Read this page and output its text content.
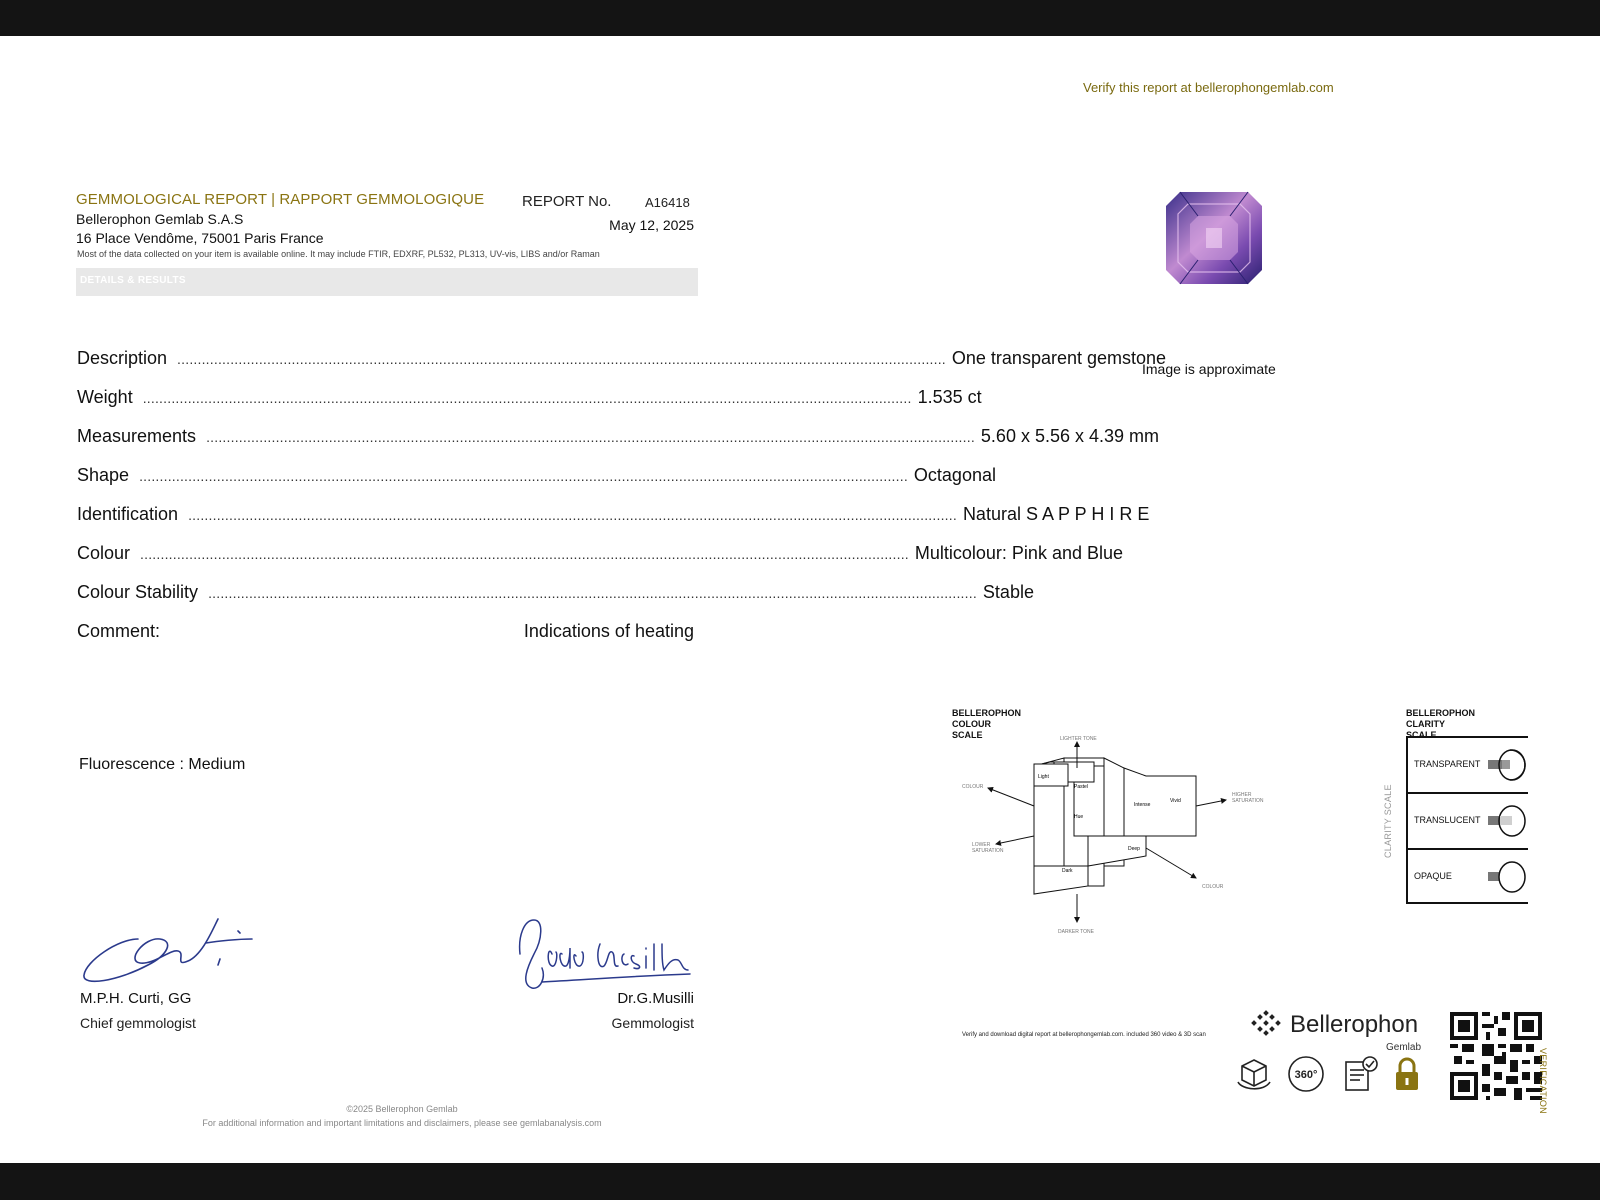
Verify this report at bellerophongemlab.com
GEMMOLOGICAL REPORT | RAPPORT GEMMOLOGIQUE
Bellerophon Gemlab S.A.S
16 Place Vendôme, 75001 Paris France
REPORT No.	A16418
May 12, 2025
Most of the data collected on your item is available online. It may include FTIR, EDXRF, PL532, PL313, UV-vis, LIBS and/or Raman
DETAILS & RESULTS
Description ............................................................................................................................................................................................ One transparent gemstone
Weight ............................................................................................................................................................................................ 1.535 ct
Measurements ............................................................................................................................................................................................ 5.60 x 5.56 x 4.39 mm
Shape ............................................................................................................................................................................................ Octagonal
Identification ............................................................................................................................................................................................ Natural S A P P H I R E
Colour ............................................................................................................................................................................................ Multicolour: Pink and Blue
Colour Stability ............................................................................................................................................................................................ Stable
Comment:	Indications of heating
Fluorescence : Medium
M.P.H. Curti, GG
Chief gemmologist
Dr.G.Musilli
Gemmologist
©2025 Bellerophon Gemlab
For additional information and important limitations and disclaimers, please see gemlabanalysis.com
Image is approximate
BELLEROPHON
COLOUR
SCALE	LIGHTER TONE
DARKER TONE
COLOUR
COLOUR
LOWER
SATURATION
HIGHER
SATURATION
Light
Pastel
Hue
Intense
Vivid
Deep
Dark
BELLEROPHON
CLARITY
SCALE
CLARITY SCALE
TRANSPARENT
TRANSLUCENT
OPAQUE
Verify and download digital report at bellerophongemlab.com. included 360 video & 3D scan	Bellerophon
Gemlab
360°	VERIFICATION
